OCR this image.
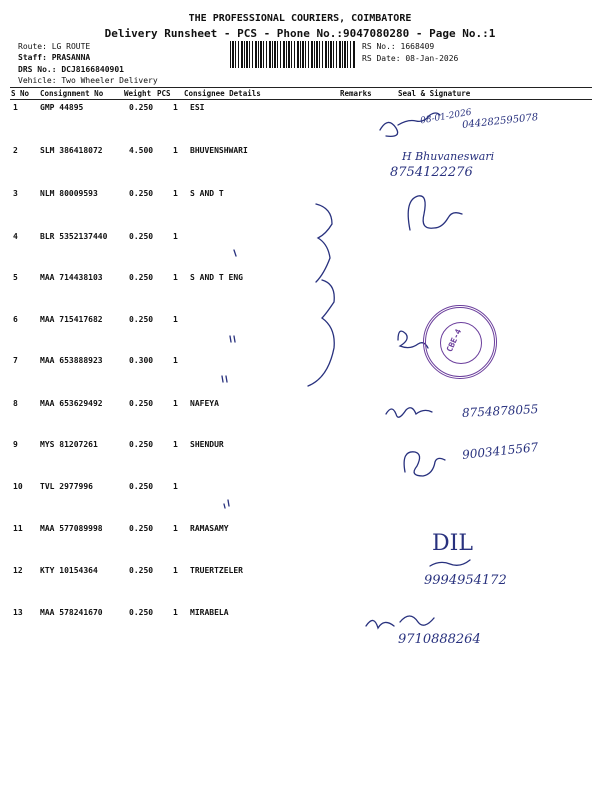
THE PROFESSIONAL COURIERS, COIMBATORE
Delivery Runsheet - PCS - Phone No.:9047080280 - Page No.:1
Route: LG ROUTE
Staff: PRASANNA
DRS No.: DCJ8166840901
Vehicle: Two Wheeler Delivery
RS No.: 1668409
RS Date: 08-Jan-2026
S No Consignment No	Weight PCS Consignee Details	Remarks	Seal & Signature
1	GMP 44895	0.250 1 ESI
2	SLM 386418072	4.500 1 BHUVENSHWARI
3	NLM 80009593	0.250 1 S AND T
4	BLR 5352137440	0.250 1
5	MAA 714438103	0.250 1 S AND T ENG
6	MAA 715417682	0.250 1
7	MAA 653888923	0.300 1
8	MAA 653629492	0.250 1 NAFEYA
9	MYS 81207261	0.250 1 SHENDUR
10 TVL 2977996	0.250 1
11 MAA 577089998	0.250 1 RAMASAMY
12 KTY 10154364	0.250 1 TRUERTZELER
13 MAA 578241670	0.250 1 MIRABELA
08-01-2026
044282595078
H Bhuvaneswari
8754122276
8754878055
9003415567
DIL
9994954172
9710888264
CBE-4
